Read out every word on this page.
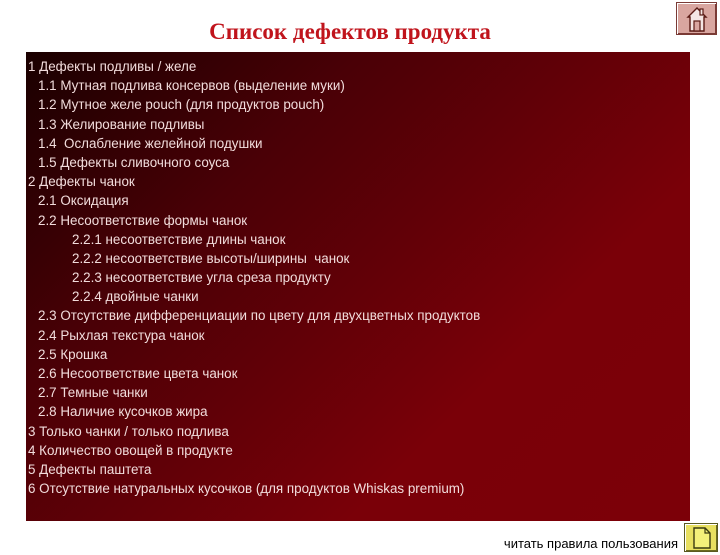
Список дефектов продукта
1 Дефекты подливы / желе
1.1 Мутная подлива консервов (выделение муки)
1.2 Мутное желе pouch (для продуктов pouch)
1.3 Желирование подливы
1.4  Ослабление желейной подушки
1.5 Дефекты сливочного соуса
2 Дефекты чанок
2.1 Оксидация
2.2 Несоответствие формы чанок
2.2.1 несоответствие длины чанок
2.2.2 несоответствие высоты/ширины  чанок
2.2.3 несоответствие угла среза продукту
2.2.4 двойные чанки
2.3 Отсутствие дифференциации по цвету для двухцветных продуктов
2.4 Рыхлая текстура чанок
2.5 Крошка
2.6 Несоответствие цвета чанок
2.7 Темные чанки
2.8 Наличие кусочков жира
3 Только чанки / только подлива
4 Количество овощей в продукте
5 Дефекты паштета
6 Отсутствие натуральных кусочков (для продуктов Whiskas premium)
читать правила пользования
